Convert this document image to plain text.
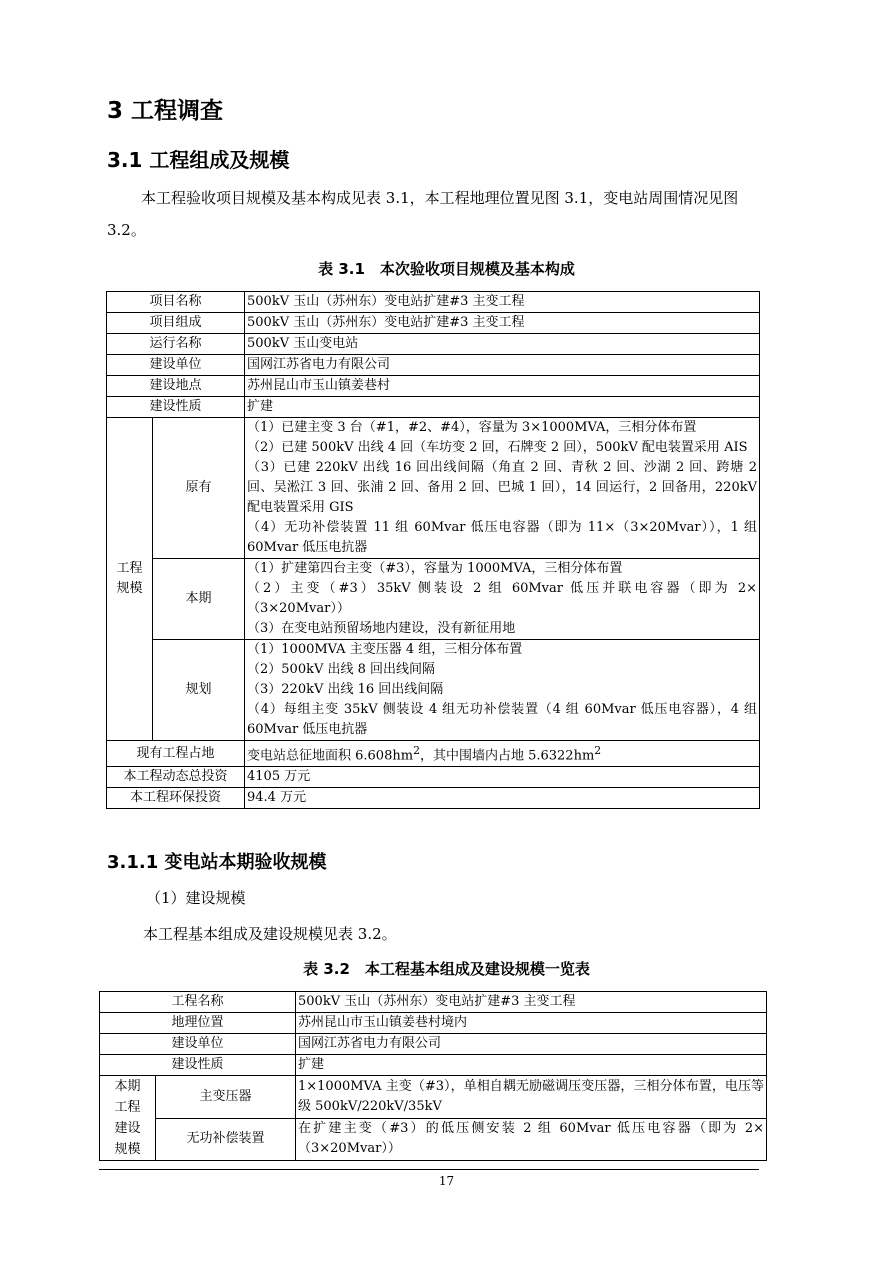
3 工程调查
3.1 工程组成及规模

本工程验收项目规模及基本构成见表 3.1，本工程地理位置见图 3.1，变电站周围情况见图 3.2。

表 3.1　本次验收项目规模及基本构成

项目名称		500kV 玉山（苏州东）变电站扩建#3 主变工程
项目组成		500kV 玉山（苏州东）变电站扩建#3 主变工程
运行名称		500kV 玉山变电站
建设单位		国网江苏省电力有限公司
建设地点		苏州昆山市玉山镇姜巷村
建设性质		扩建
工程规模	原有	（1）已建主变 3 台（#1，#2、#4），容量为 3×1000MVA，三相分体布置
（2）已建 500kV 出线 4 回（车坊变 2 回，石牌变 2 回），500kV 配电装置采用 AIS
（3）已建 220kV 出线 16 回出线间隔（角直 2 回、青秋 2 回、沙湖 2 回、跨塘 2 回、吴淞江 3 回、张浦 2 回、备用 2 回、巴城 1 回），14 回运行，2 回备用，220kV 配电装置采用 GIS
（4）无功补偿装置 11 组 60Mvar 低压电容器（即为 11×（3×20Mvar）），1 组 60Mvar 低压电抗器

	本期	（1）扩建第四台主变（#3），容量为 1000MVA，三相分体布置
（2）主变（#3）35kV 侧装设 2 组 60Mvar 低压并联电容器（即为 2×（3×20Mvar））
（3）在变电站预留场地内建设，没有新征用地

	规划	（1）1000MVA 主变压器 4 组，三相分体布置
（2）500kV 出线 8 回出线间隔
（3）220kV 出线 16 回出线间隔
（4）每组主变 35kV 侧装设 4 组无功补偿装置（4 组 60Mvar 低压电容器），4 组 60Mvar 低压电抗器

现有工程占地		变电站总征地面积 $6.608hm^2$，其中围墙内占地 $5.6322hm^2$
本工程动态总投资		4105 万元
本工程环保投资		94.4 万元
3.1.1 变电站本期验收规模

（1）建设规模

本工程基本组成及建设规模见表 3.2。

表 3.2　本工程基本组成及建设规模一览表

工程名称		500kV 玉山（苏州东）变电站扩建#3 主变工程
地理位置		苏州昆山市玉山镇姜巷村境内
建设单位		国网江苏省电力有限公司
建设性质		扩建
本期工程建设规模	主变压器	1×1000MVA 主变（#3），单相自耦无励磁调压变压器，三相分体布置，电压等级 500kV/220kV/35kV
	无功补偿装置	在扩建主变（#3）的低压侧安装 2 组 60Mvar 低压电容器（即为 2×（3×20Mvar））
17
